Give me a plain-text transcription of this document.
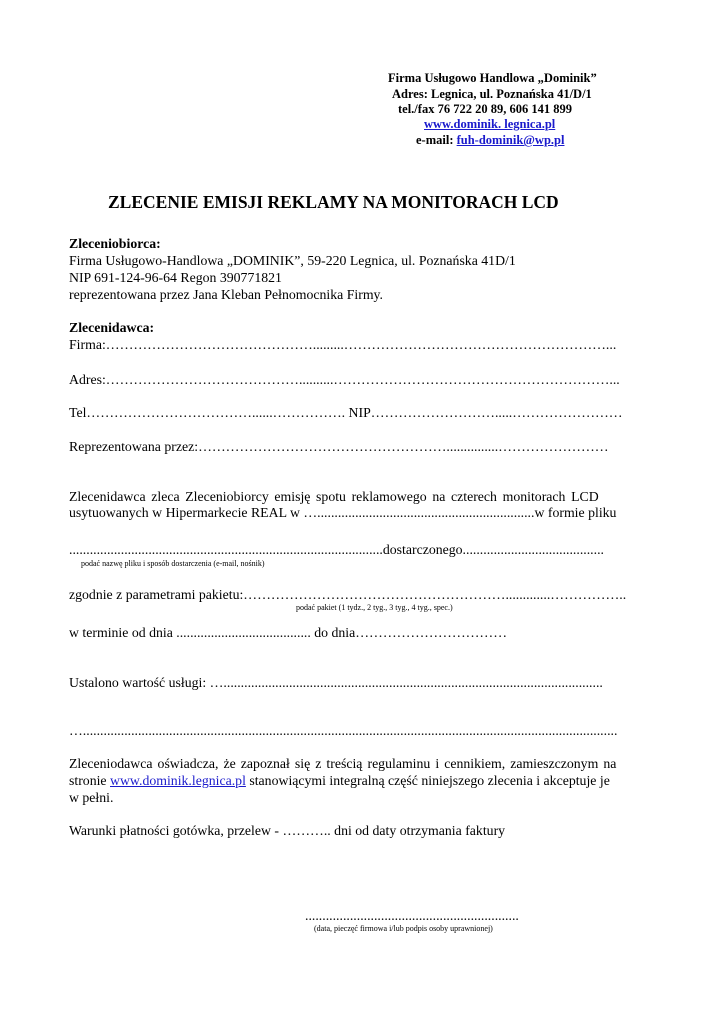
Firma Usługowo Handlowa „Dominik”
Adres: Legnica, ul. Poznańska 41/D/1
tel./fax 76 722 20 89, 606 141 899
www.dominik. legnica.pl
e-mail: fuh-dominik@wp.pl
ZLECENIE EMISJI REKLAMY NA MONITORACH LCD
Zleceniobiorca:
Firma Usługowo-Handlowa „DOMINIK”, 59-220 Legnica, ul. Poznańska 41D/1
NIP 691-124-96-64 Regon 390771821
reprezentowana przez Jana Kleban Pełnomocnika Firmy.
Zlecenidawca:
Firma:……………………………………….........…………………………………………………...
Adres:……………………………………..........……………………………………………………...
Tel………………………………......……………. NIP……………………….....……………………
Reprezentowana przez:………………………………………………...............……………………
Zlecenidawca zleca Zleceniobiorcy emisję spotu reklamowego na czterech monitorach LCD
usytuowanych w Hipermarkecie REAL w …...............................................................w formie pliku
...........................................................................................dostarczonego.........................................
podać nazwę pliku i sposób dostarczenia (e-mail, nośnik)
zgodnie z parametrami pakietu:………………………………………………….............……………..
podać pakiet (1 tydz., 2 tyg., 3 tyg., 4 tyg., spec.)
w terminie od dnia ....................................... do dnia……………………………
Ustalono wartość usługi: …..............................................................................................................
…...........................................................................................................................................................
Zleceniodawca oświadcza, że zapoznał się z treścią regulaminu i cennikiem, zamieszczonym na
stronie www.dominik.legnica.pl stanowiącymi integralną część niniejszego zlecenia i akceptuje je
w pełni.
Warunki płatności gotówka, przelew - ……….. dni od daty otrzymania faktury
..............................................................
(data, pieczęć firmowa i/lub podpis osoby uprawnionej)
